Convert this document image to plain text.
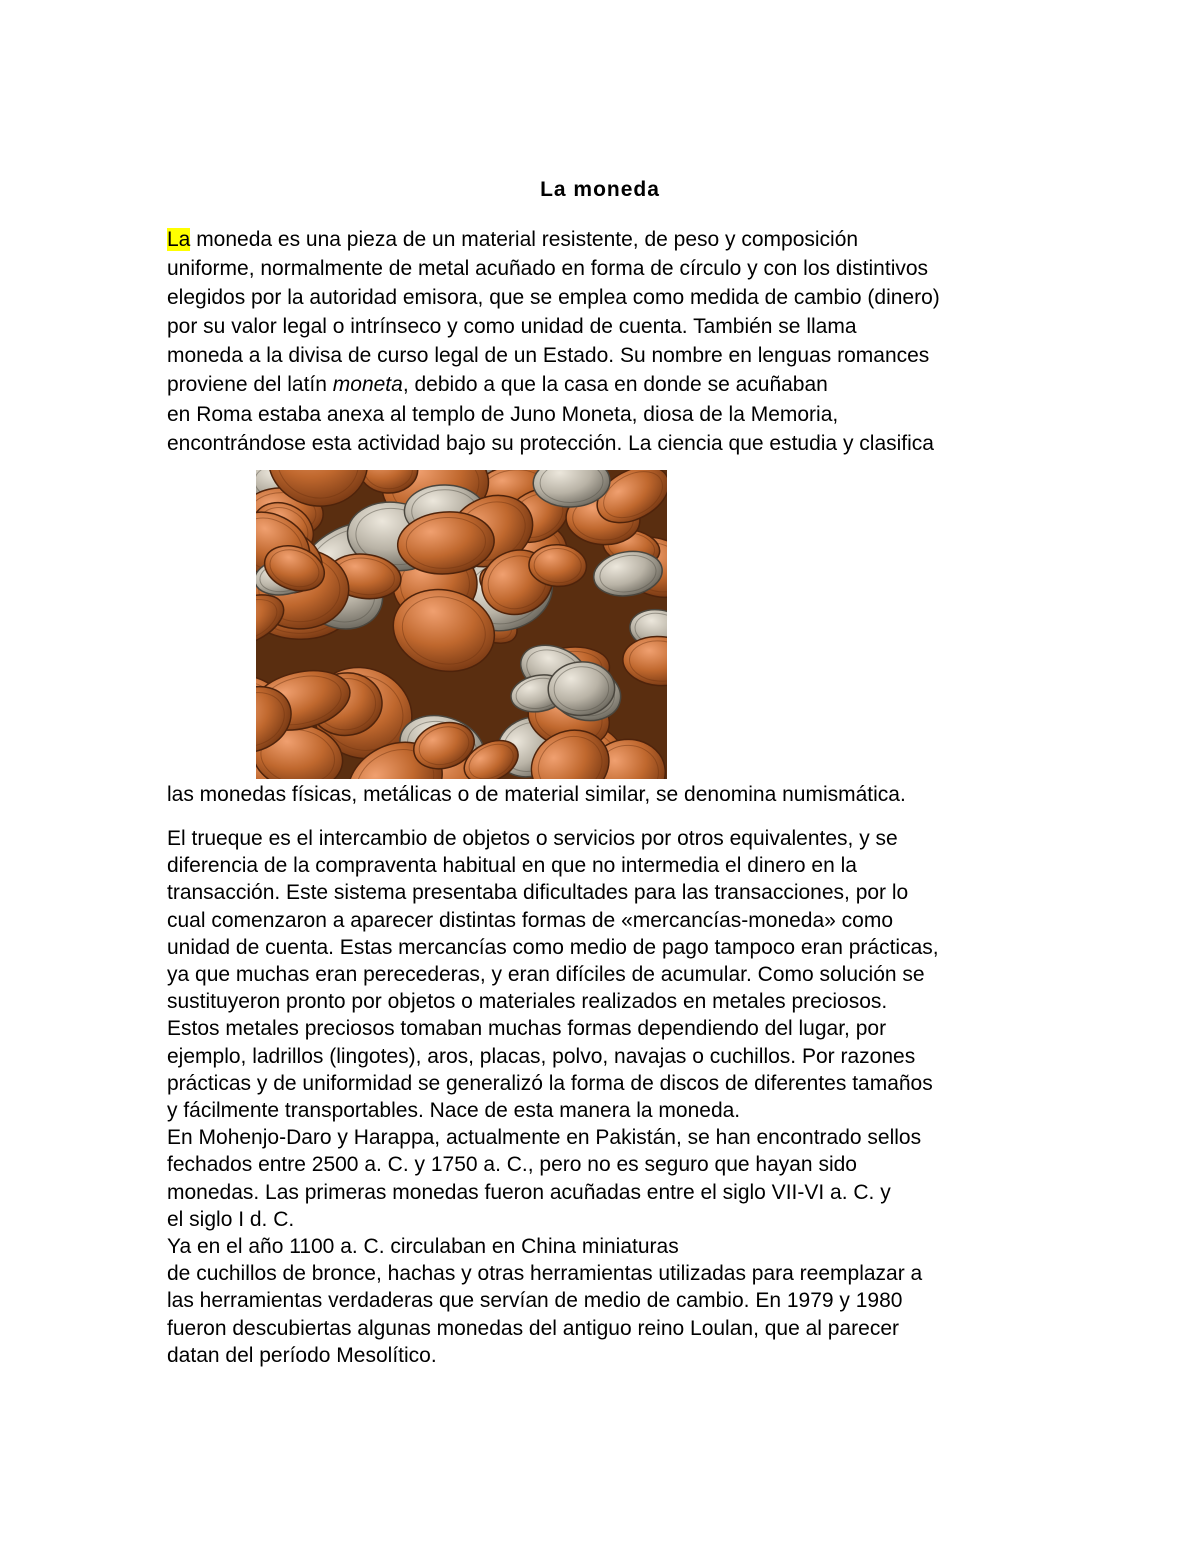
La moneda
La moneda es una pieza de un material resistente, de peso y composición
uniforme, normalmente de metal acuñado en forma de círculo y con los distintivos
elegidos por la autoridad emisora, que se emplea como medida de cambio (dinero)
por su valor legal o intrínseco y como unidad de cuenta. También se llama
moneda a la divisa de curso legal de un Estado. Su nombre en lenguas romances
proviene del latín moneta, debido a que la casa en donde se acuñaban
en Roma estaba anexa al templo de Juno Moneta, diosa de la Memoria,
encontrándose esta actividad bajo su protección. La ciencia que estudia y clasifica
las monedas físicas, metálicas o de material similar, se denomina numismática.
El trueque es el intercambio de objetos o servicios por otros equivalentes, y se
diferencia de la compraventa habitual en que no intermedia el dinero en la
transacción. Este sistema presentaba dificultades para las transacciones, por lo
cual comenzaron a aparecer distintas formas de «mercancías-moneda» como
unidad de cuenta. Estas mercancías como medio de pago tampoco eran prácticas,
ya que muchas eran perecederas, y eran difíciles de acumular. Como solución se
sustituyeron pronto por objetos o materiales realizados en metales preciosos.
Estos metales preciosos tomaban muchas formas dependiendo del lugar, por
ejemplo, ladrillos (lingotes), aros, placas, polvo, navajas o cuchillos. Por razones
prácticas y de uniformidad se generalizó la forma de discos de diferentes tamaños
y fácilmente transportables. Nace de esta manera la moneda.
En Mohenjo-Daro y Harappa, actualmente en Pakistán, se han encontrado sellos
fechados entre 2500 a. C. y 1750 a. C., pero no es seguro que hayan sido
monedas. Las primeras monedas fueron acuñadas entre el siglo VII-VI a. C. y
el siglo I d. C.
Ya en el año 1100 a. C. circulaban en China miniaturas
de cuchillos de bronce, hachas y otras herramientas utilizadas para reemplazar a
las herramientas verdaderas que servían de medio de cambio. En 1979 y 1980
fueron descubiertas algunas monedas del antiguo reino Loulan, que al parecer
datan del período Mesolítico.
